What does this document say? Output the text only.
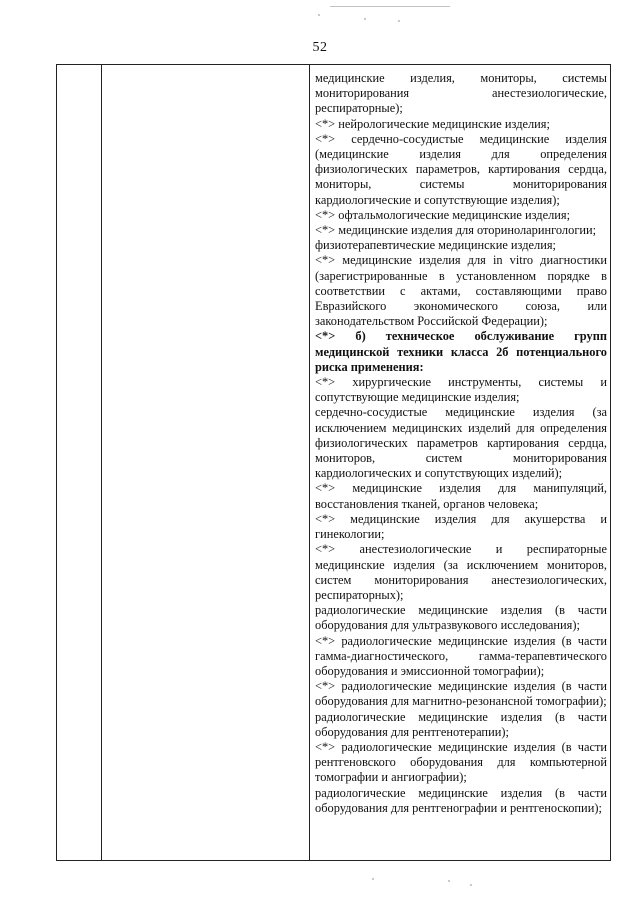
52

медицинские изделия, мониторы, системы мониторирования анестезиологические, респираторные);

<*> нейрологические медицинские изделия;

<*> сердечно-сосудистые медицинские изделия (медицинские изделия для определения физиологических параметров, картирования сердца, мониторы, системы мониторирования кардиологические и сопутствующие изделия);

<*> офтальмологические медицинские изделия;

<*> медицинские изделия для оториноларингологии;

физиотерапевтические медицинские изделия;

<*> медицинские изделия для in vitro диагностики (зарегистрированные в установленном порядке в соответствии с актами, составляющими право Евразийского экономического союза, или законодательством Российской Федерации);

<*> б) техническое обслуживание групп медицинской техники класса 2б потенциального риска применения:

<*> хирургические инструменты, системы и сопутствующие медицинские изделия;

сердечно-сосудистые медицинские изделия (за исключением медицинских изделий для определения физиологических параметров картирования сердца, мониторов, систем мониторирования кардиологических и сопутствующих изделий);

<*> медицинские изделия для манипуляций, восстановления тканей, органов человека;

<*> медицинские изделия для акушерства и гинекологии;

<*> анестезиологические и респираторные медицинские изделия (за исключением мониторов, систем мониторирования анестезиологических, респираторных);

радиологические медицинские изделия (в части оборудования для ультразвукового исследования);

<*> радиологические медицинские изделия (в части гамма-диагностического, гамма-терапевтического оборудования и эмиссионной томографии);

<*> радиологические медицинские изделия (в части оборудования для магнитно-резонансной томографии);

радиологические медицинские изделия (в части оборудования для рентгенотерапии);

<*> радиологические медицинские изделия (в части рентгеновского оборудования для компьютерной томографии и ангиографии);

радиологические медицинские изделия (в части оборудования для рентгенографии и рентгеноскопии);
